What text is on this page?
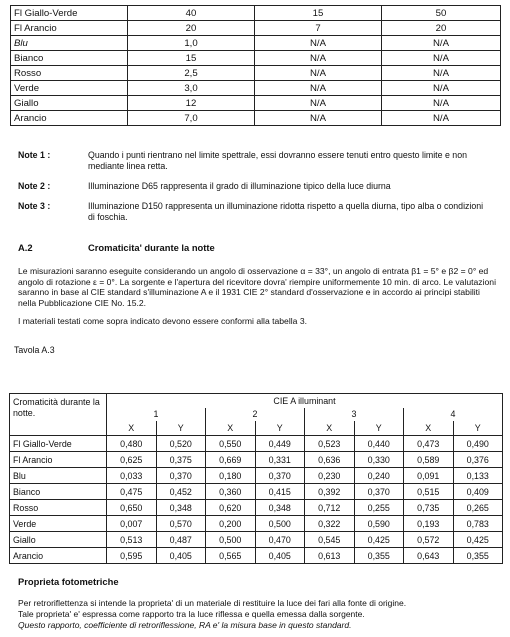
Fl Giallo-Verde	40	15	50
Fl Arancio	20	7	20
Blu	1,0	N/A	N/A
Bianco	15	N/A	N/A
Rosso	2,5	N/A	N/A
Verde	3,0	N/A	N/A
Giallo	12	N/A	N/A
Arancio	7,0	N/A	N/A
Note 1 :	Quando i punti rientrano nel limite spettrale, essi dovranno essere tenuti entro questo limite e non mediante linea retta.
Note 2 :	Illuminazione D65 rappresenta il grado di illuminazione tipico della luce diurna
Note 3 :	Illuminazione D150 rappresenta un illuminazione ridotta rispetto a quella diurna, tipo alba o condizioni di foschia.
A.2	Cromaticita' durante la notte
Le misurazioni saranno eseguite considerando un angolo di osservazione α = 33°, un angolo di entrata β1 = 5° e β2 = 0° ed angolo di rotazione ε = 0°. La sorgente e l'apertura del ricevitore dovra' riempire uniformemente 10 min. di arco. Le valutazioni saranno in base al CIE standard s'illuminazione A e il 1931 CIE 2° standard d'osservazione e in accordo ai principi stabiliti nella Pubblicazione CIE No. 15.2.
I materiali testati come sopra indicato devono essere conformi alla tabella 3.
Tavola A.3
Cromaticità durante la notte.	CIE A illuminant							
	1		2		3		4	
	X	Y	X	Y	X	Y	X	Y
Fl Giallo-Verde	0,480	0,520	0,550	0,449	0,523	0,440	0,473	0,490
Fl Arancio	0,625	0,375	0,669	0,331	0,636	0,330	0,589	0,376
Blu	0,033	0,370	0,180	0,370	0,230	0,240	0,091	0,133
Bianco	0,475	0,452	0,360	0,415	0,392	0,370	0,515	0,409
Rosso	0,650	0,348	0,620	0,348	0,712	0,255	0,735	0,265
Verde	0,007	0,570	0,200	0,500	0,322	0,590	0,193	0,783
Giallo	0,513	0,487	0,500	0,470	0,545	0,425	0,572	0,425
Arancio	0,595	0,405	0,565	0,405	0,613	0,355	0,643	0,355
Proprieta fotometriche
Per retroriflettenza si intende la proprieta' di un materiale di restituire la luce dei fari alla fonte di origine.
Tale proprieta' e' espressa come rapporto tra la luce riflessa e quella emessa dalla sorgente.
Questo rapporto, coefficiente di retroriflessione, RA e' la misura base in questo standard.
